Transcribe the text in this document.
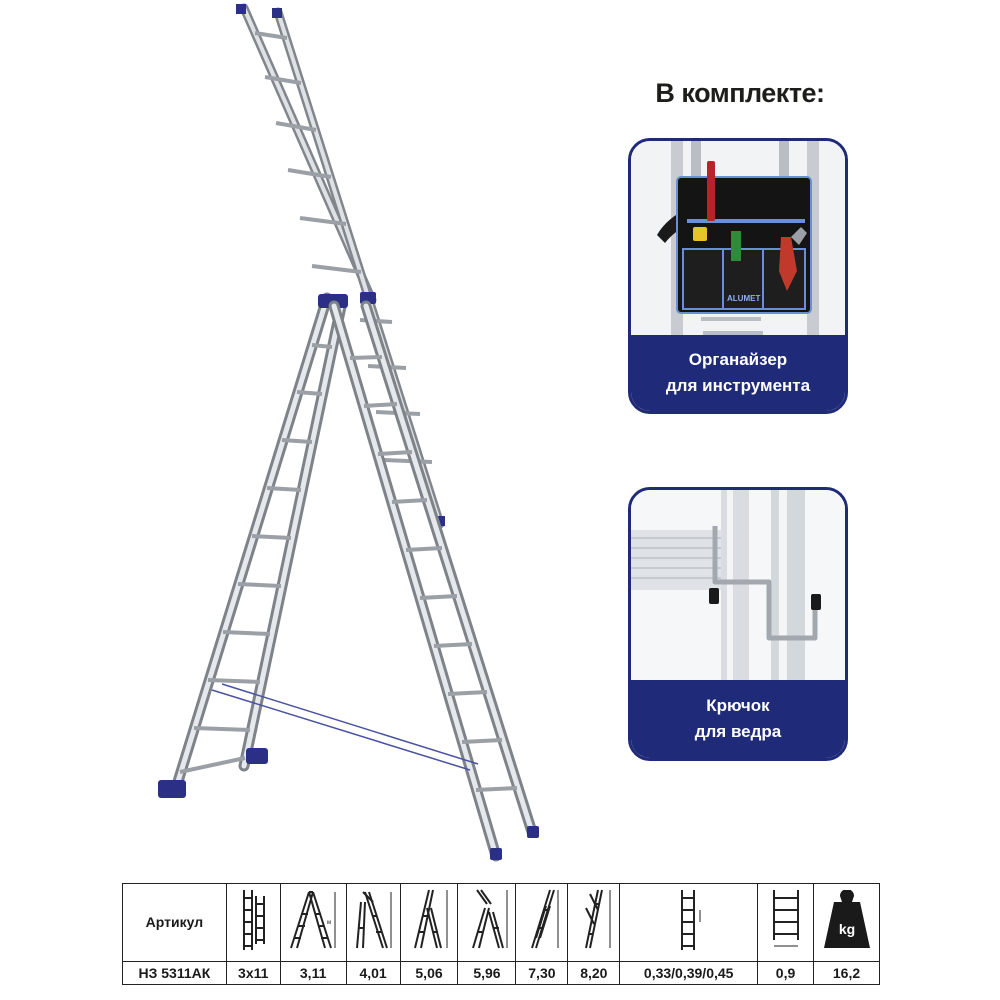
В комплекте:
ALUMET
Органайзер
для инструмента
Крючок
для ведра
Артикул		м								kg

НЗ 5311АК	3x11	3,11	4,01	5,06	5,96	7,30	8,20	0,33/0,39/0,45	0,9	16,2
